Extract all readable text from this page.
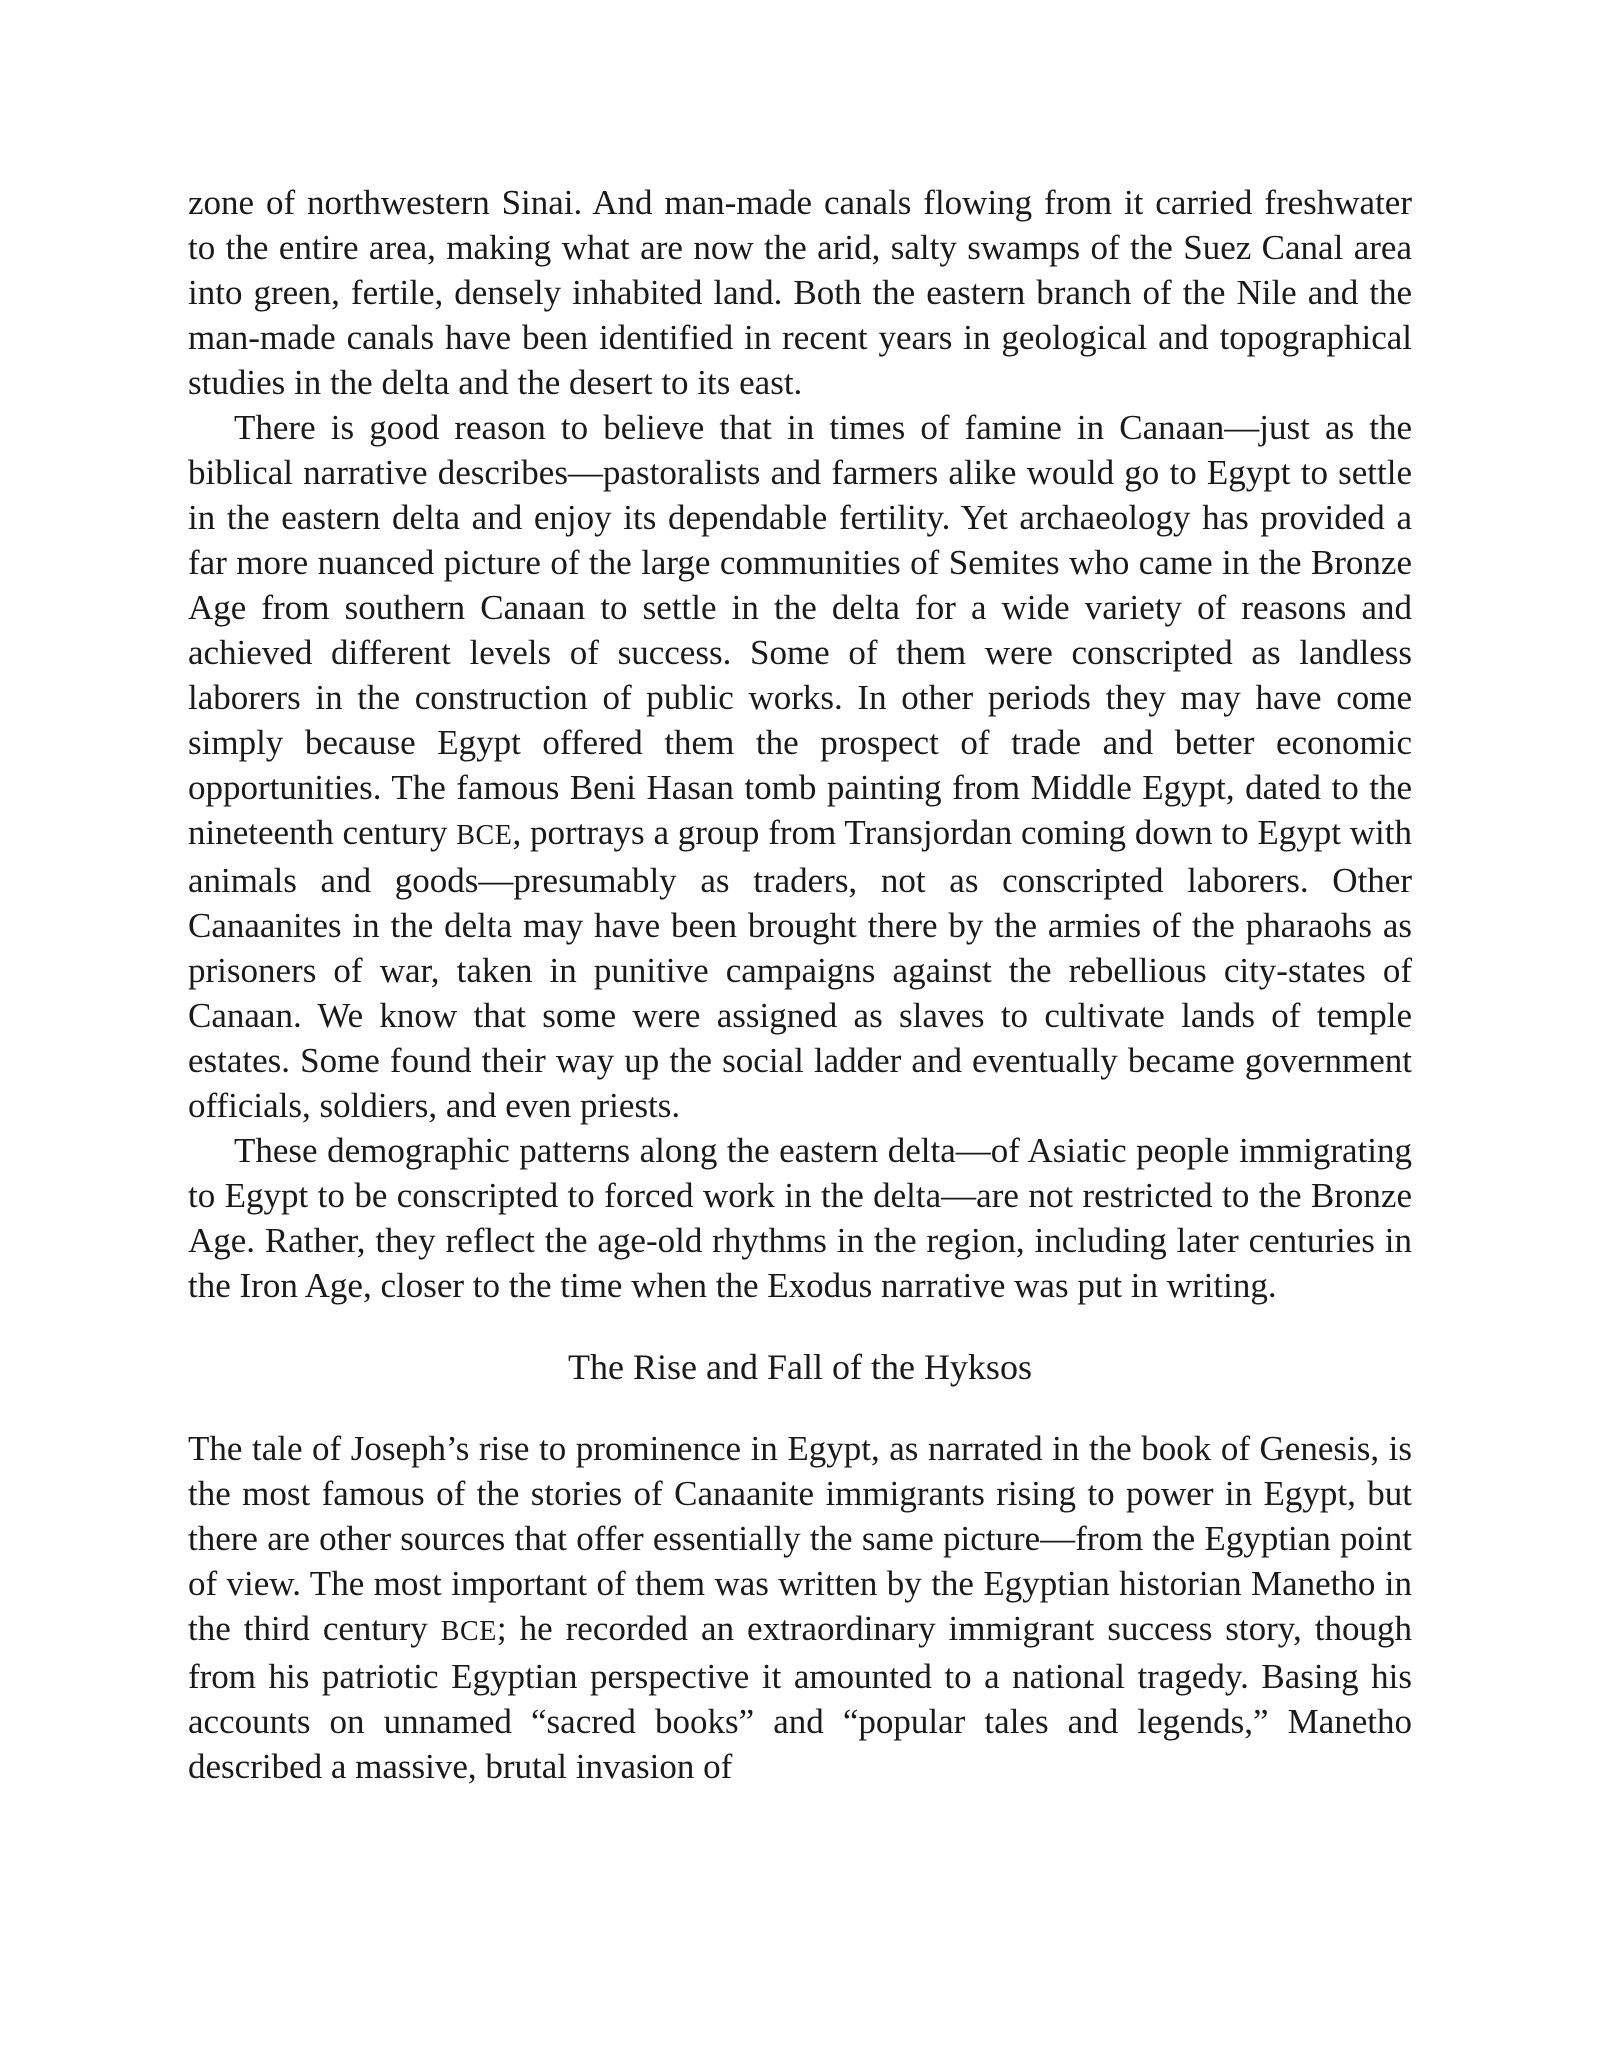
zone of northwestern Sinai. And man-made canals flowing from it carried freshwater to the entire area, making what are now the arid, salty swamps of the Suez Canal area into green, fertile, densely inhabited land. Both the eastern branch of the Nile and the man-made canals have been identified in recent years in geological and topographical studies in the delta and the desert to its east.

There is good reason to believe that in times of famine in Canaan—just as the biblical narrative describes—pastoralists and farmers alike would go to Egypt to settle in the eastern delta and enjoy its dependable fertility. Yet archaeology has provided a far more nuanced picture of the large communities of Semites who came in the Bronze Age from southern Canaan to settle in the delta for a wide variety of reasons and achieved different levels of success. Some of them were conscripted as landless laborers in the construction of public works. In other periods they may have come simply because Egypt offered them the prospect of trade and better economic opportunities. The famous Beni Hasan tomb painting from Middle Egypt, dated to the nineteenth century BCE, portrays a group from Transjordan coming down to Egypt with animals and goods—presumably as traders, not as conscripted laborers. Other Canaanites in the delta may have been brought there by the armies of the pharaohs as prisoners of war, taken in punitive campaigns against the rebellious city-states of Canaan. We know that some were assigned as slaves to cultivate lands of temple estates. Some found their way up the social ladder and eventually became government officials, soldiers, and even priests.

These demographic patterns along the eastern delta—of Asiatic people immigrating to Egypt to be conscripted to forced work in the delta—are not restricted to the Bronze Age. Rather, they reflect the age-old rhythms in the region, including later centuries in the Iron Age, closer to the time when the Exodus narrative was put in writing.

The Rise and Fall of the Hyksos

The tale of Joseph’s rise to prominence in Egypt, as narrated in the book of Genesis, is the most famous of the stories of Canaanite immigrants rising to power in Egypt, but there are other sources that offer essentially the same picture—from the Egyptian point of view. The most important of them was written by the Egyptian historian Manetho in the third century BCE; he recorded an extraordinary immigrant success story, though from his patriotic Egyptian perspective it amounted to a national tragedy. Basing his accounts on unnamed “sacred books” and “popular tales and legends,” Manetho described a massive, brutal invasion of
